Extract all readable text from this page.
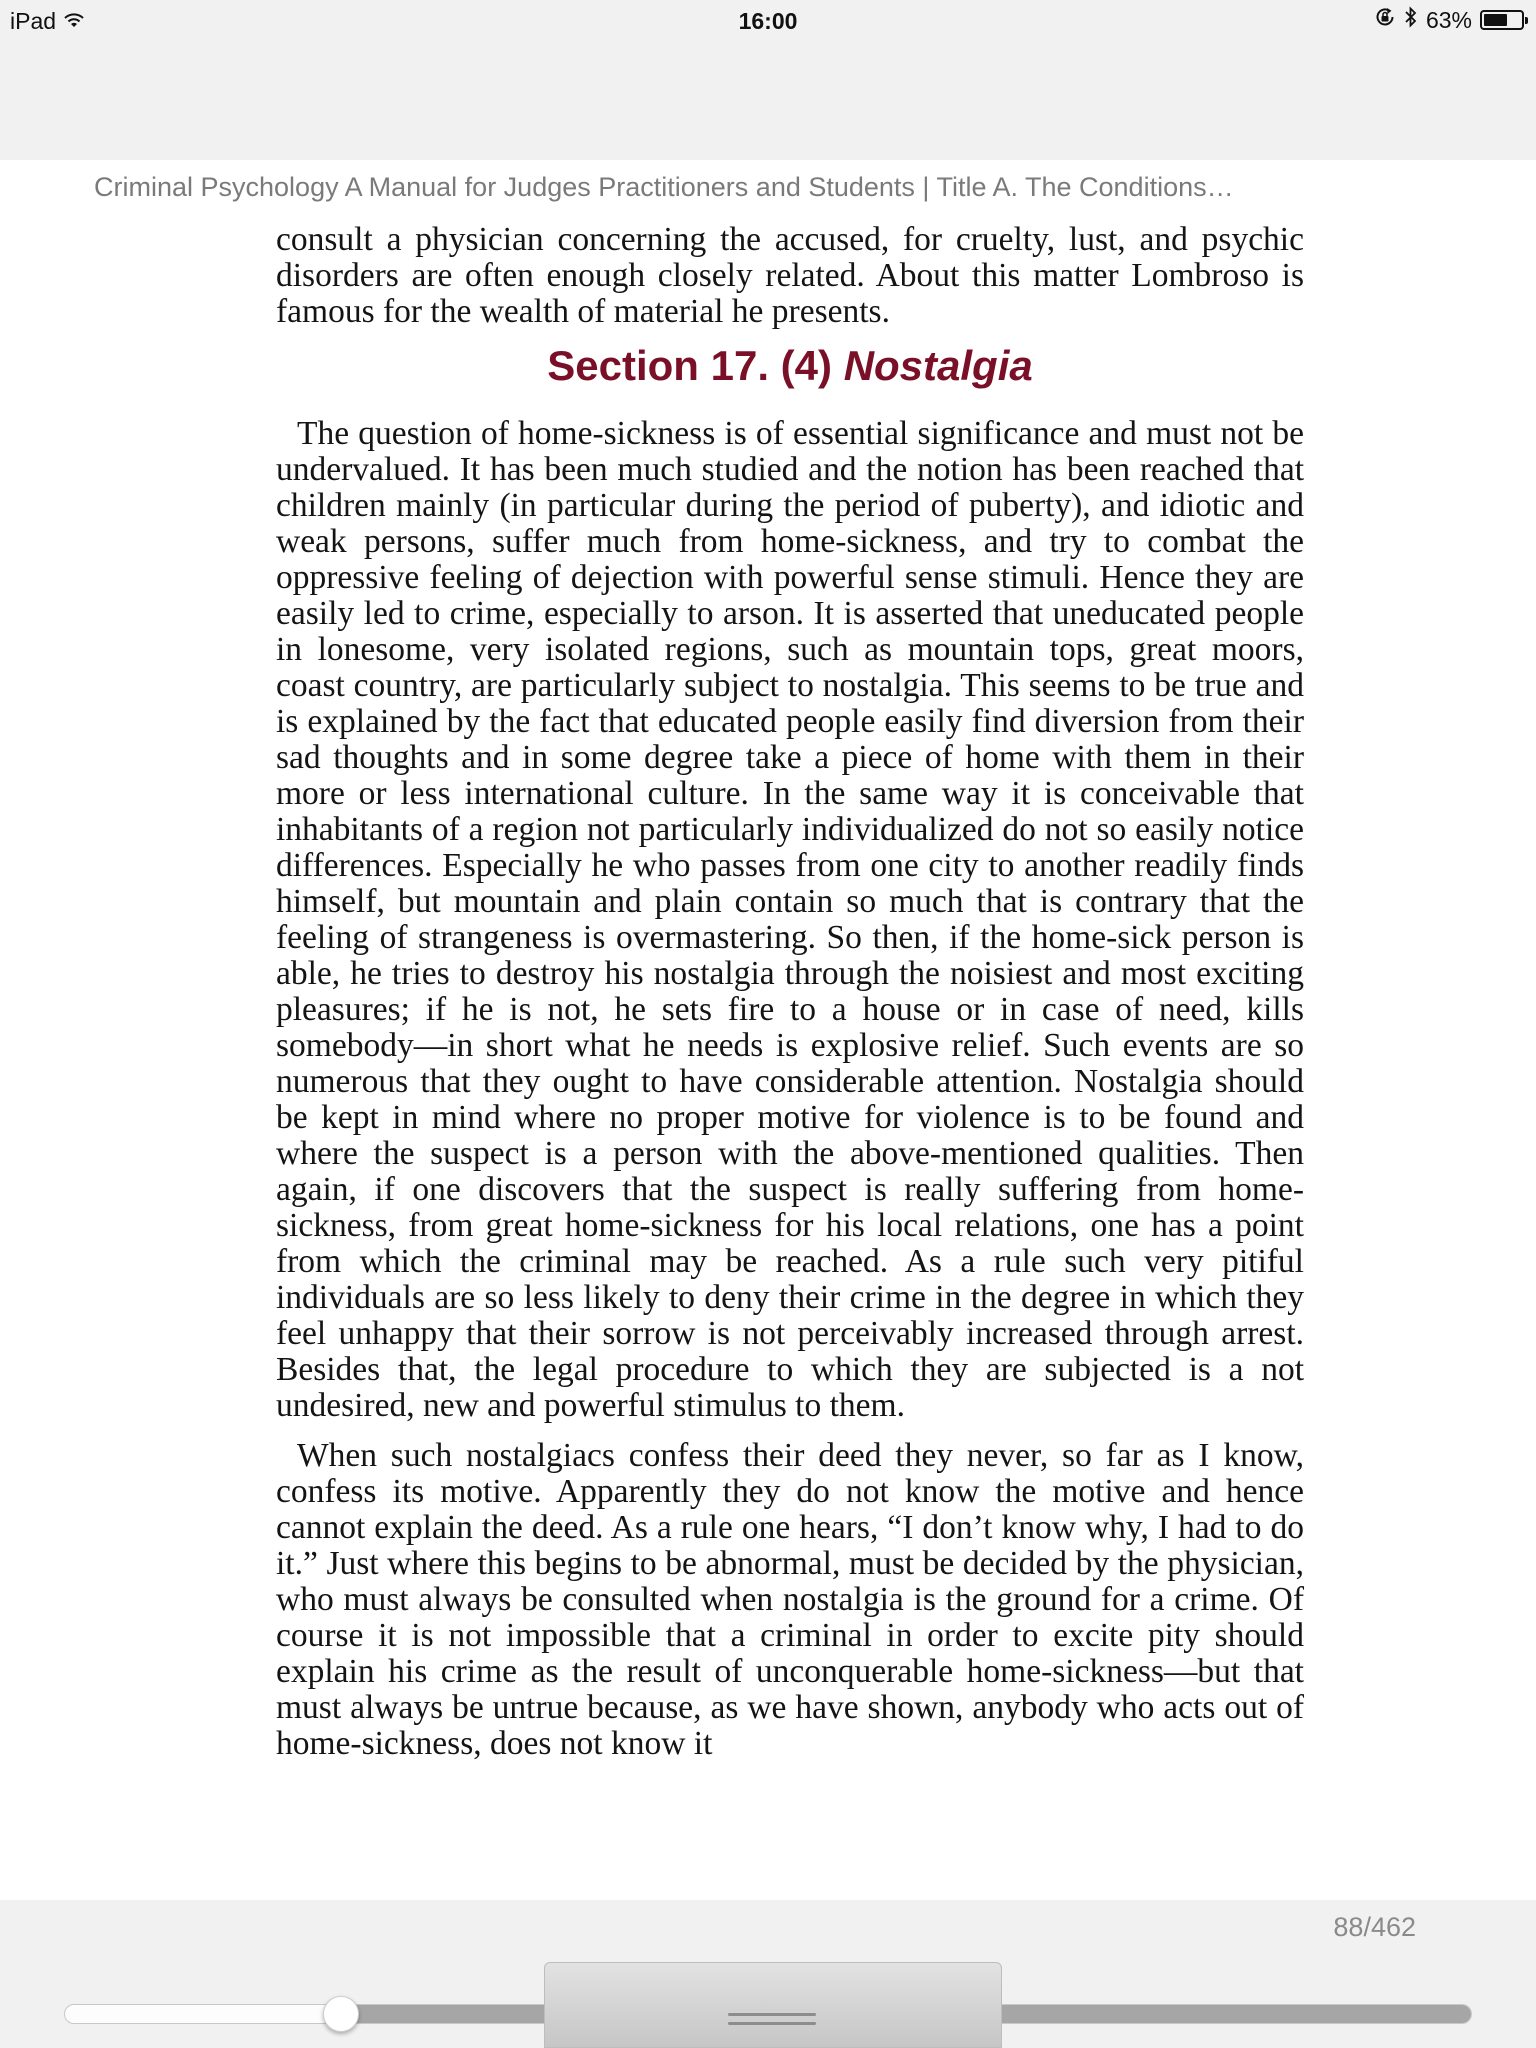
iPad	16:00	63%
Criminal Psychology A Manual for Judges Practitioners and Students | Title A. The Conditions…

consult a physician concerning the accused, for cruelty, lust, and psychic disorders are often enough closely related. About this matter Lombroso is famous for the wealth of material he presents.

Section 17. (4) Nostalgia

The question of home-sickness is of essential significance and must not be undervalued. It has been much studied and the notion has been reached that children mainly (in particular during the period of puberty), and idiotic and weak persons, suffer much from home-sickness, and try to combat the oppressive feeling of dejection with powerful sense stimuli. Hence they are easily led to crime, especially to arson. It is asserted that uneducated people in lonesome, very isolated regions, such as mountain tops, great moors, coast country, are particularly subject to nostalgia. This seems to be true and is explained by the fact that educated people easily find diversion from their sad thoughts and in some degree take a piece of home with them in their more or less international culture. In the same way it is conceivable that inhabitants of a region not particularly individualized do not so easily notice differences. Especially he who passes from one city to another readily finds himself, but mountain and plain contain so much that is contrary that the feeling of strangeness is overmastering. So then, if the home-sick person is able, he tries to destroy his nostalgia through the noisiest and most exciting pleasures; if he is not, he sets fire to a house or in case of need, kills somebody—in short what he needs is explosive relief. Such events are so numerous that they ought to have considerable attention. Nostalgia should be kept in mind where no proper motive for violence is to be found and where the suspect is a person with the above-mentioned qualities. Then again, if one discovers that the suspect is really suffering from home-sickness, from great home-sickness for his local relations, one has a point from which the criminal may be reached. As a rule such very pitiful individuals are so less likely to deny their crime in the degree in which they feel unhappy that their sorrow is not perceivably increased through arrest. Besides that, the legal procedure to which they are subjected is a not undesired, new and powerful stimulus to them.

When such nostalgiacs confess their deed they never, so far as I know, confess its motive. Apparently they do not know the motive and hence cannot explain the deed. As a rule one hears, “I don’t know why, I had to do it.” Just where this begins to be abnormal, must be decided by the physician, who must always be consulted when nostalgia is the ground for a crime. Of course it is not impossible that a criminal in order to excite pity should explain his crime as the result of unconquerable home-sickness—but that must always be untrue because, as we have shown, anybody who acts out of home-sickness, does not know it

88/462
